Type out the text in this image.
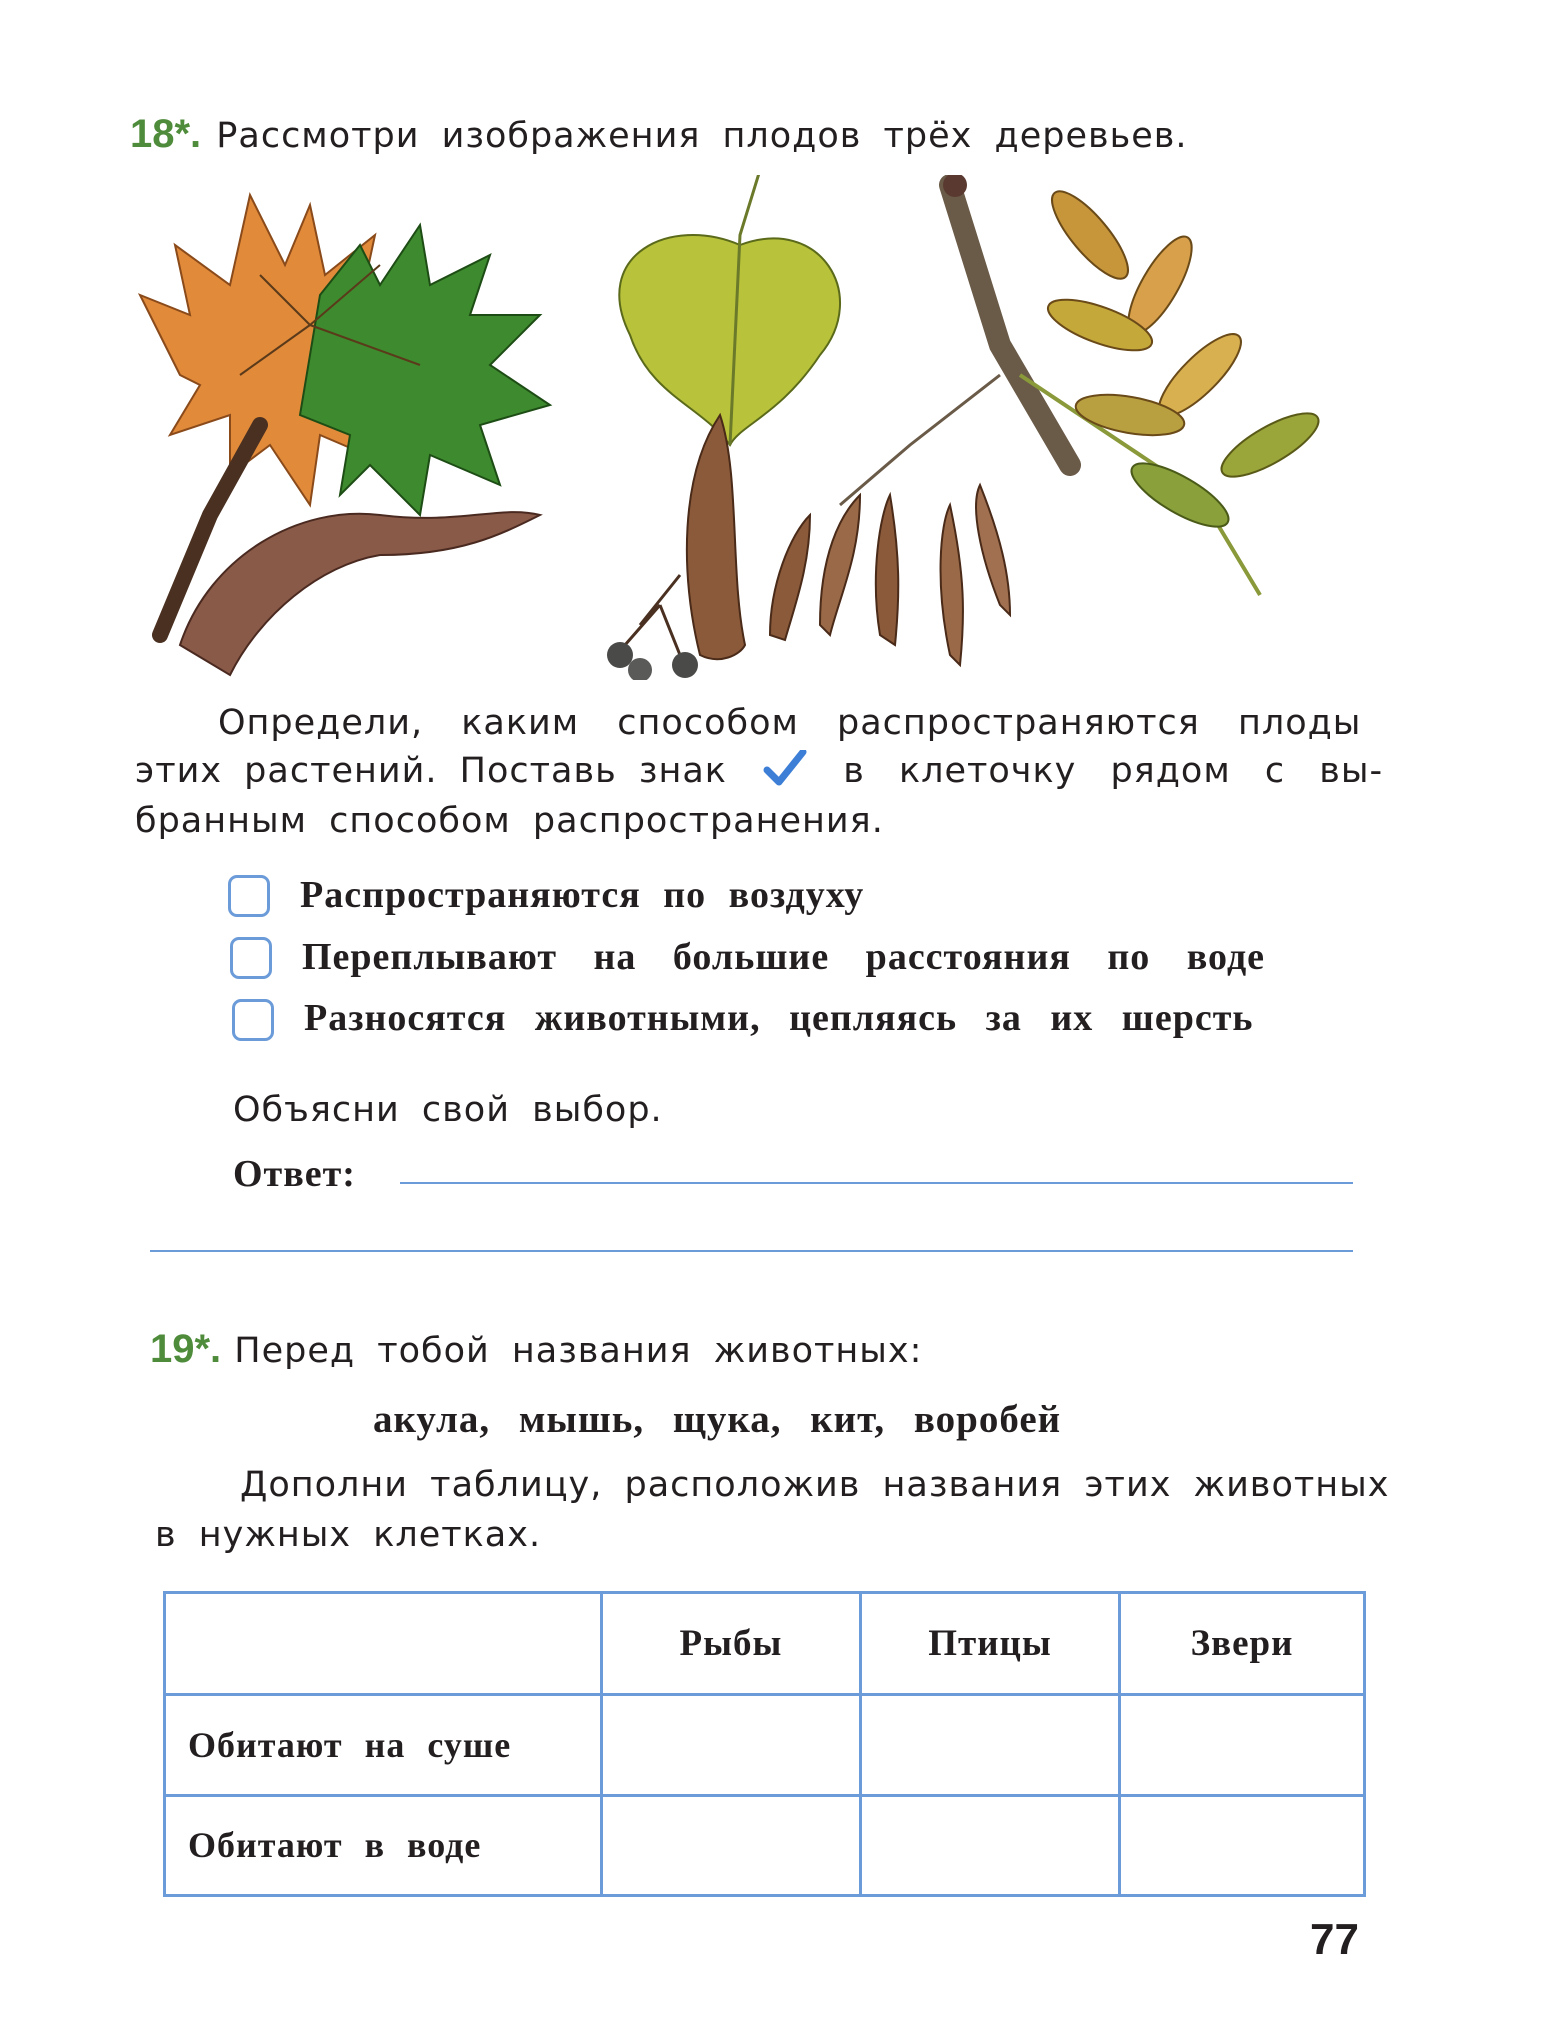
18*. Рассмотри изображения плодов трёх деревьев.
Определи, каким способом распространяются плоды
этих растений. Поставь знак	в клеточку рядом с вы-
бранным способом распространения.
Распространяются по воздуху
Переплывают на большие расстояния по воде
Разносятся животными, цепляясь за их шерсть
Объясни свой выбор.
Ответ:
19*. Перед тобой названия животных:
акула, мышь, щука, кит, воробей
Дополни таблицу, расположив названия этих животных
в нужных клетках.
	Рыбы	Птицы	Звери
Обитают на суше			
Обитают в воде			
77
